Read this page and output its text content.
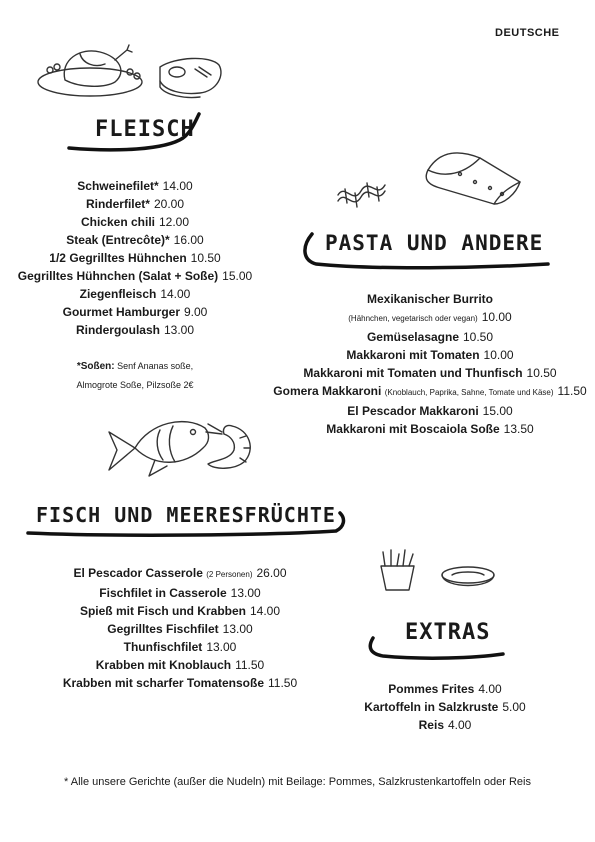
DEUTSCHE
FLEISCH
Schweinefilet* 14.00
Rinderfilet* 20.00
Chicken chili 12.00
Steak (Entrecôte)* 16.00
1/2 Gegrilltes Hühnchen 10.50
Gegrilltes Hühnchen (Salat + Soße) 15.00
Ziegenfleisch 14.00
Gourmet Hamburger 9.00
Rindergoulash 13.00
*Soßen: Senf Ananas soße,
Almogrote Soße, Pilzsoße 2€
PASTA UND ANDERE
Mexikanischer Burrito
(Hähnchen, vegetarisch oder vegan) 10.00
Gemüselasagne 10.50
Makkaroni mit Tomaten 10.00
Makkaroni mit Tomaten und Thunfisch 10.50
Gomera Makkaroni (Knoblauch, Paprika, Sahne, Tomate und Käse) 11.50
El Pescador Makkaroni 15.00
Makkaroni mit Boscaiola Soße 13.50
FISCH UND MEERESFRÜCHTE
El Pescador Casserole (2 Personen) 26.00
Fischfilet in Casserole 13.00
Spieß mit Fisch und Krabben 14.00
Gegrilltes Fischfilet 13.00
Thunfischfilet 13.00
Krabben mit Knoblauch 11.50
Krabben mit scharfer Tomatensoße 11.50
EXTRAS
Pommes Frites 4.00
Kartoffeln in Salzkruste 5.00
Reis 4.00
* Alle unsere Gerichte (außer die Nudeln) mit Beilage: Pommes, Salzkrustenkartoffeln oder Reis
